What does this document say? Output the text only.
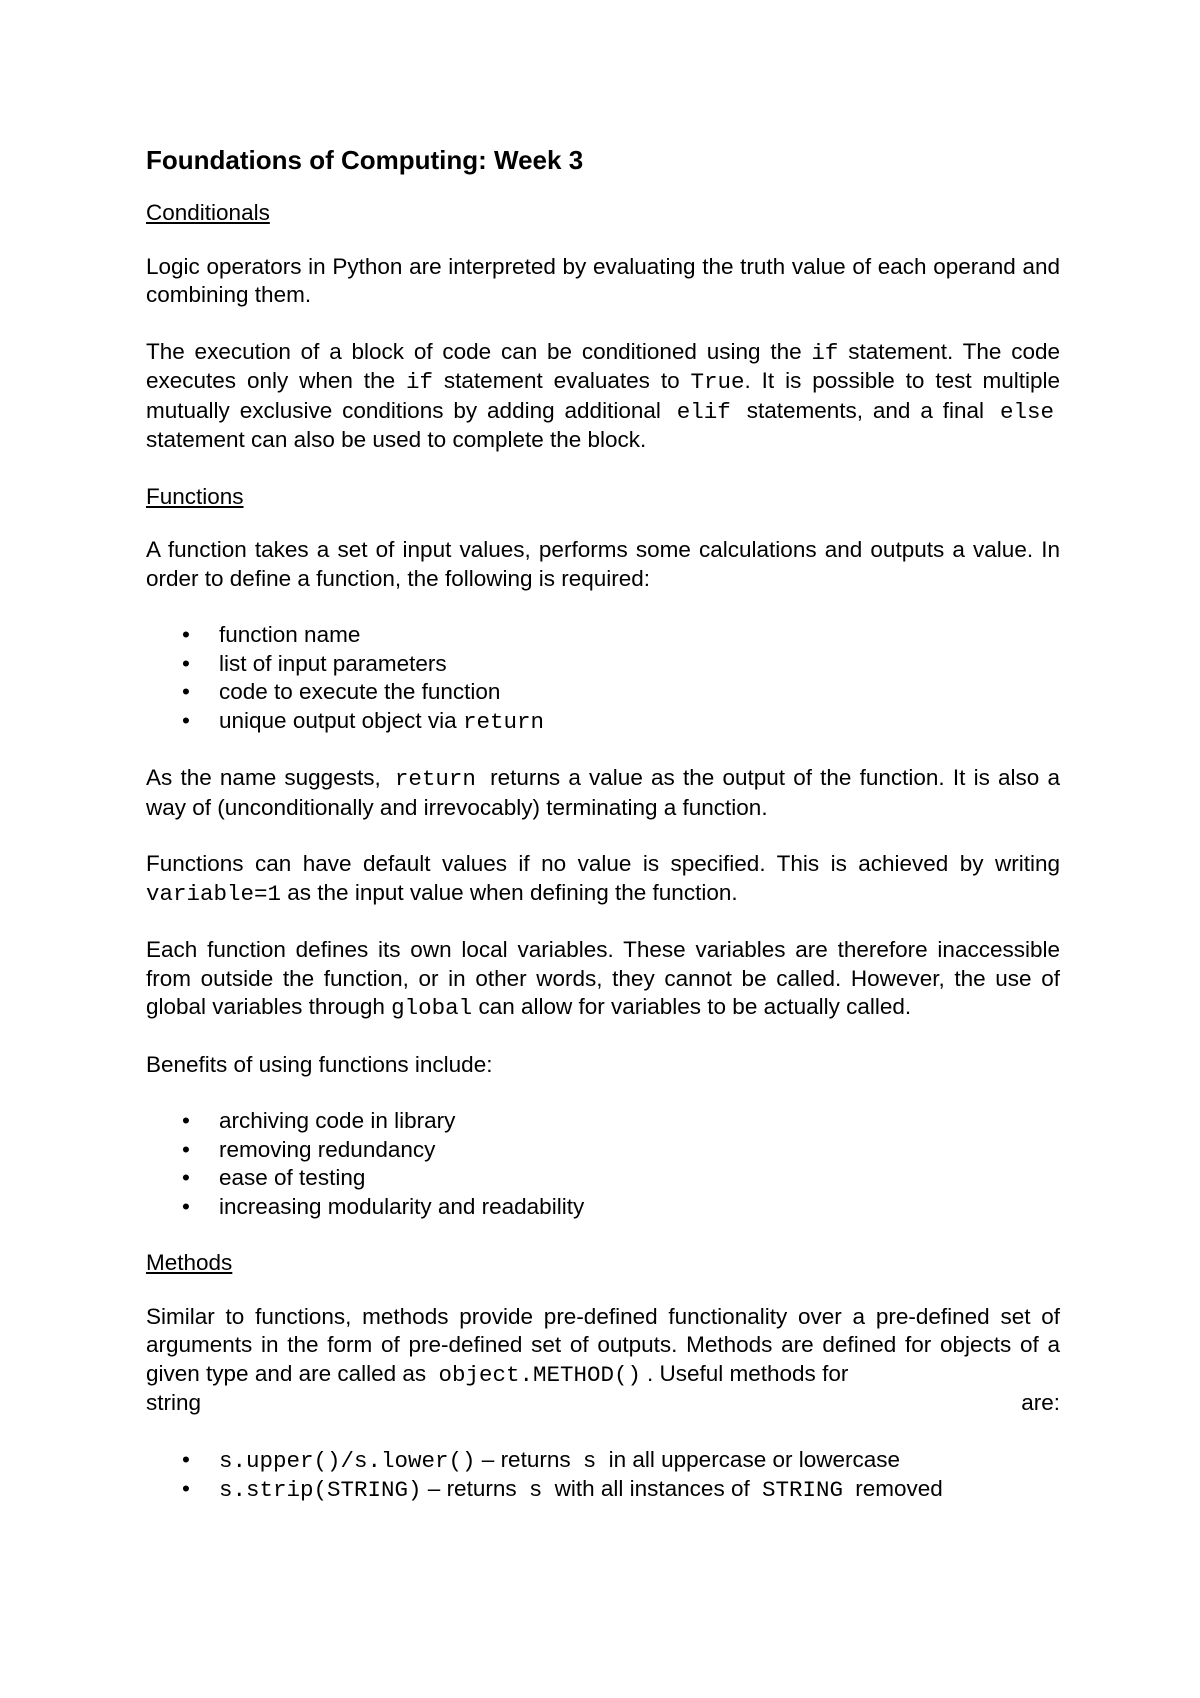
Foundations of Computing: Week 3
Conditionals

Logic operators in Python are interpreted by evaluating the truth value of each operand and combining them.

The execution of a block of code can be conditioned using the if statement. The code executes only when the if statement evaluates to True. It is possible to test multiple mutually exclusive conditions by adding additional elif statements, and a final else statement can also be used to complete the block.

Functions

A function takes a set of input values, performs some calculations and outputs a value. In order to define a function, the following is required:

• function name
• list of input parameters
• code to execute the function
• unique output object via return

As the name suggests, return returns a value as the output of the function. It is also a way of (unconditionally and irrevocably) terminating a function.

Functions can have default values if no value is specified. This is achieved by writing variable=1 as the input value when defining the function.

Each function defines its own local variables. These variables are therefore inaccessible from outside the function, or in other words, they cannot be called. However, the use of global variables through global can allow for variables to be actually called.

Benefits of using functions include:

• archiving code in library
• removing redundancy
• ease of testing
• increasing modularity and readability
Methods

Similar to functions, methods provide pre-defined functionality over a pre-defined set of arguments in the form of pre-defined set of outputs. Methods are defined for objects of a given type and are called as object.METHOD() . Useful methods for

string	are:
• s.upper()/s.lower() – returns s in all uppercase or lowercase
• s.strip(STRING) – returns s with all instances of STRING removed
